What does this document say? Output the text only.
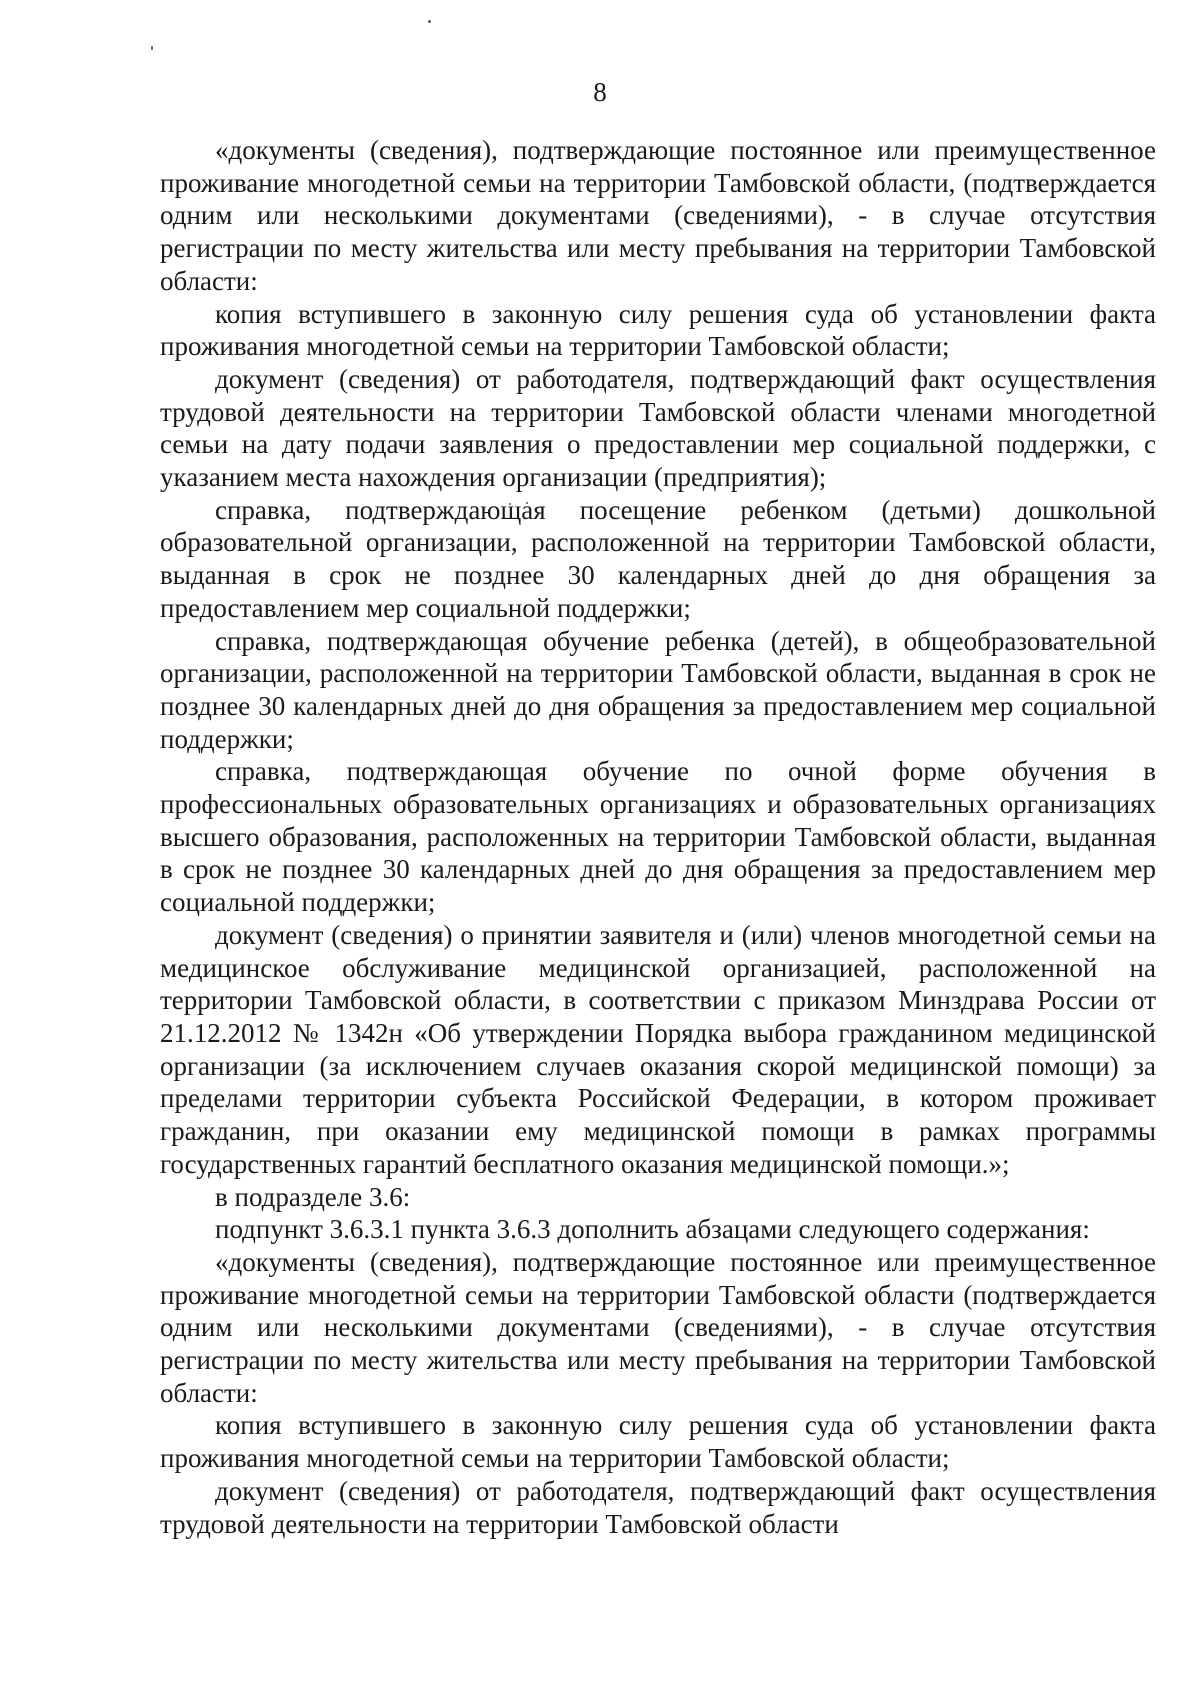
8

«документы (сведения), подтверждающие постоянное или преимущественное проживание многодетной семьи на территории Тамбовской области, (подтверждается одним или несколькими документами (сведениями), - в случае отсутствия регистрации по месту жительства или месту пребывания на территории Тамбовской области:

копия вступившего в законную силу решения суда об установлении факта проживания многодетной семьи на территории Тамбовской области;

документ (сведения) от работодателя, подтверждающий факт осуществления трудовой деятельности на территории Тамбовской области членами многодетной семьи на дату подачи заявления о предоставлении мер социальной поддержки, с указанием места нахождения организации (предприятия);

справка, подтверждающая посещение ребенком (детьми) дошкольной образовательной организации, расположенной на территории Тамбовской области, выданная в срок не позднее 30 календарных дней до дня обращения за предоставлением мер социальной поддержки;

справка, подтверждающая обучение ребенка (детей), в общеобразовательной организации, расположенной на территории Тамбовской области, выданная в срок не позднее 30 календарных дней до дня обращения за предоставлением мер социальной поддержки;

справка, подтверждающая обучение по очной форме обучения в профессиональных образовательных организациях и образовательных организациях высшего образования, расположенных на территории Тамбовской области, выданная в срок не позднее 30 календарных дней до дня обращения за предоставлением мер социальной поддержки;

документ (сведения) о принятии заявителя и (или) членов многодетной семьи на медицинское обслуживание медицинской организацией, расположенной на территории Тамбовской области, в соответствии с приказом Минздрава России от 21.12.2012 № 1342н «Об утверждении Порядка выбора гражданином медицинской организации (за исключением случаев оказания скорой медицинской помощи) за пределами территории субъекта Российской Федерации, в котором проживает гражданин, при оказании ему медицинской помощи в рамках программы государственных гарантий бесплатного оказания медицинской помощи.»;

в подразделе 3.6:

подпункт 3.6.3.1 пункта 3.6.3 дополнить абзацами следующего содержания:

«документы (сведения), подтверждающие постоянное или преимущественное проживание многодетной семьи на территории Тамбовской области (подтверждается одним или несколькими документами (сведениями), - в случае отсутствия регистрации по месту жительства или месту пребывания на территории Тамбовской области:

копия вступившего в законную силу решения суда об установлении факта проживания многодетной семьи на территории Тамбовской области;

документ (сведения) от работодателя, подтверждающий факт осуществления трудовой деятельности на территории Тамбовской области
